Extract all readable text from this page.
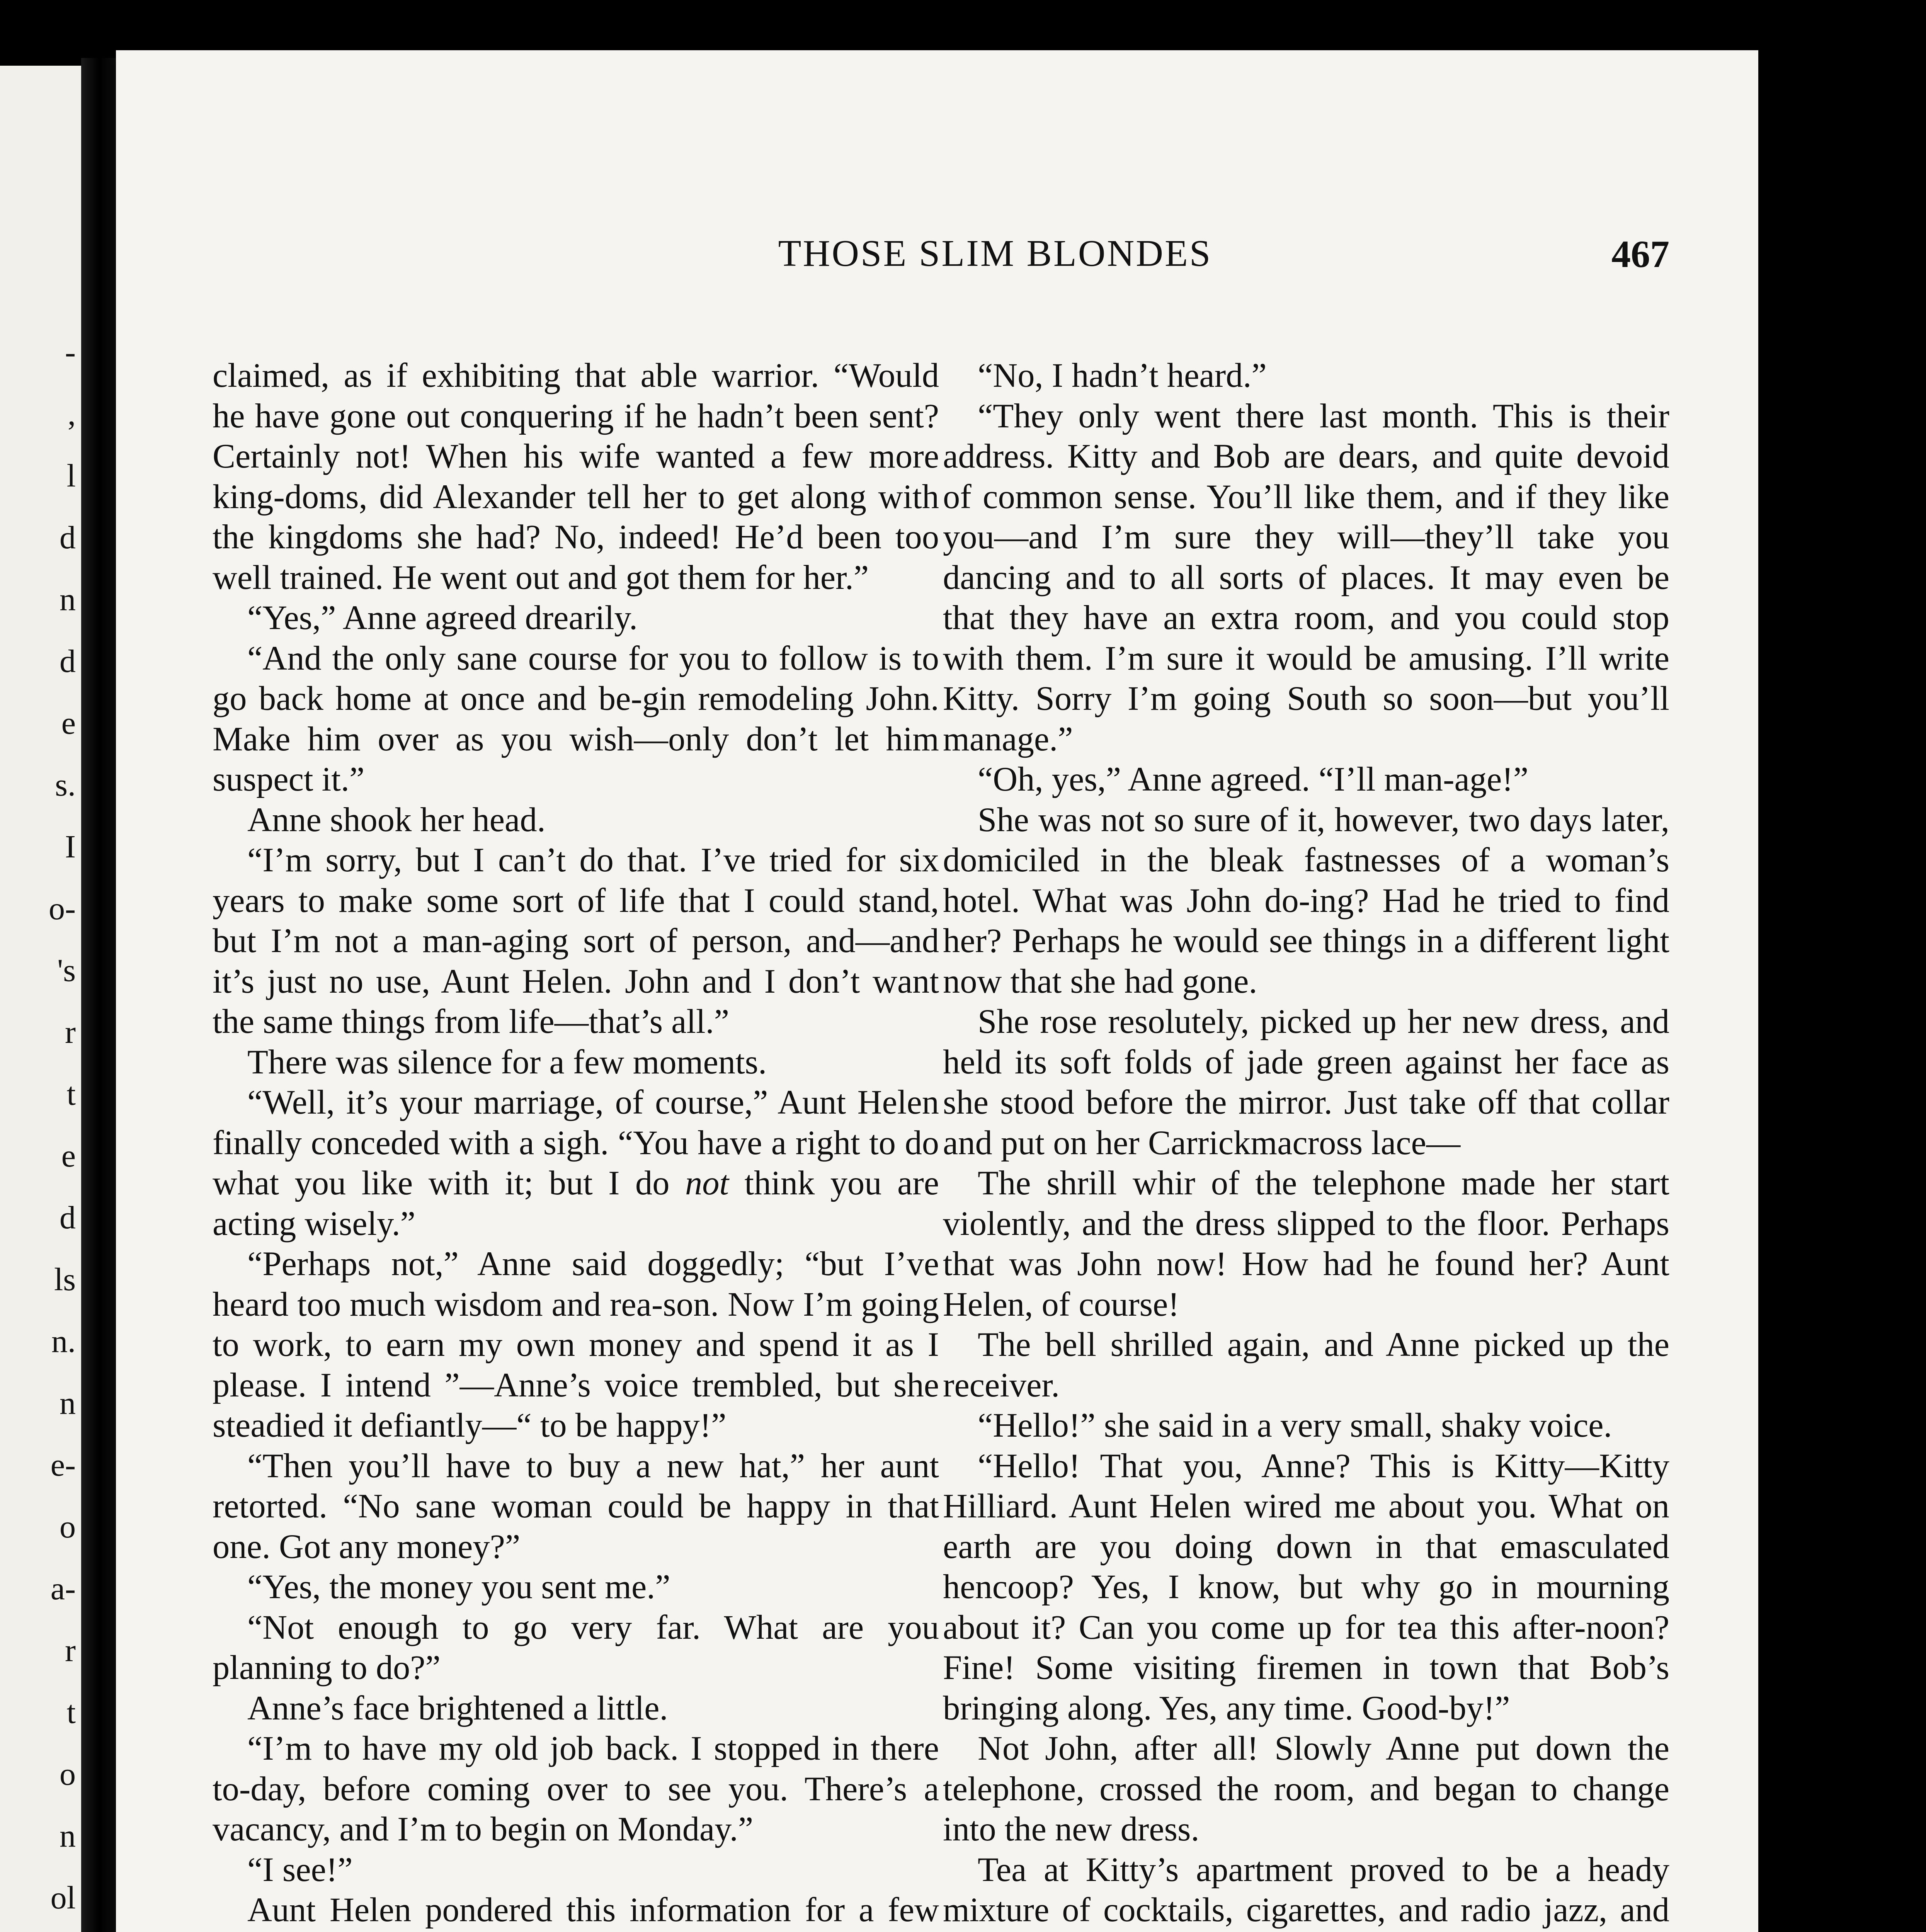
-
,
l
d
n
d
e
s.
I
o-
's
r
t
e
d
ls
n.
n
e-
o
a-
r
t
o
n
ol
THOSE SLIM BLONDES	467

claimed, as if exhibiting that able warrior. “Would he have gone out conquering if he hadn’t been sent? Certainly not! When his wife wanted a few more king-doms, did Alexander tell her to get along with the kingdoms she had? No, indeed! He’d been too well trained. He went out and got them for her.”

“Yes,” Anne agreed drearily.

“And the only sane course for you to follow is to go back home at once and be-gin remodeling John. Make him over as you wish—only don’t let him suspect it.”

Anne shook her head.

“I’m sorry, but I can’t do that. I’ve tried for six years to make some sort of life that I could stand, but I’m not a man-aging sort of person, and—and it’s just no use, Aunt Helen. John and I don’t want the same things from life—that’s all.”

There was silence for a few moments.

“Well, it’s your marriage, of course,” Aunt Helen finally conceded with a sigh. “You have a right to do what you like with it; but I do not think you are acting wisely.”

“Perhaps not,” Anne said doggedly; “but I’ve heard too much wisdom and rea-son. Now I’m going to work, to earn my own money and spend it as I please. I intend ”—Anne’s voice trembled, but she steadied it defiantly—“ to be happy!”

“Then you’ll have to buy a new hat,” her aunt retorted. “No sane woman could be happy in that one. Got any money?”

“Yes, the money you sent me.”

“Not enough to go very far. What are you planning to do?”

Anne’s face brightened a little.

“I’m to have my old job back. I stopped in there to-day, before coming over to see you. There’s a vacancy, and I’m to begin on Monday.”

“I see!”

Aunt Helen pondered this information for a few

“No, I hadn’t heard.”

“They only went there last month. This is their address. Kitty and Bob are dears, and quite devoid of common sense. You’ll like them, and if they like you—and I’m sure they will—they’ll take you dancing and to all sorts of places. It may even be that they have an extra room, and you could stop with them. I’m sure it would be amusing. I’ll write Kitty. Sorry I’m going South so soon—but you’ll manage.”

“Oh, yes,” Anne agreed. “I’ll man-age!”

She was not so sure of it, however, two days later, domiciled in the bleak fastnesses of a woman’s hotel. What was John do-ing? Had he tried to find her? Perhaps he would see things in a different light now that she had gone.

She rose resolutely, picked up her new dress, and held its soft folds of jade green against her face as she stood before the mirror. Just take off that collar and put on her Carrickmacross lace—

The shrill whir of the telephone made her start violently, and the dress slipped to the floor. Perhaps that was John now! How had he found her? Aunt Helen, of course!

The bell shrilled again, and Anne picked up the receiver.

“Hello!” she said in a very small, shaky voice.

“Hello! That you, Anne? This is Kitty—Kitty Hilliard. Aunt Helen wired me about you. What on earth are you doing down in that emasculated hencoop? Yes, I know, but why go in mourning about it? Can you come up for tea this after-noon? Fine! Some visiting firemen in town that Bob’s bringing along. Yes, any time. Good-by!”

Not John, after all! Slowly Anne put down the telephone, crossed the room, and began to change into the new dress.

Tea at Kitty’s apartment proved to be a heady mixture of cocktails, cigarettes, and radio jazz, and
